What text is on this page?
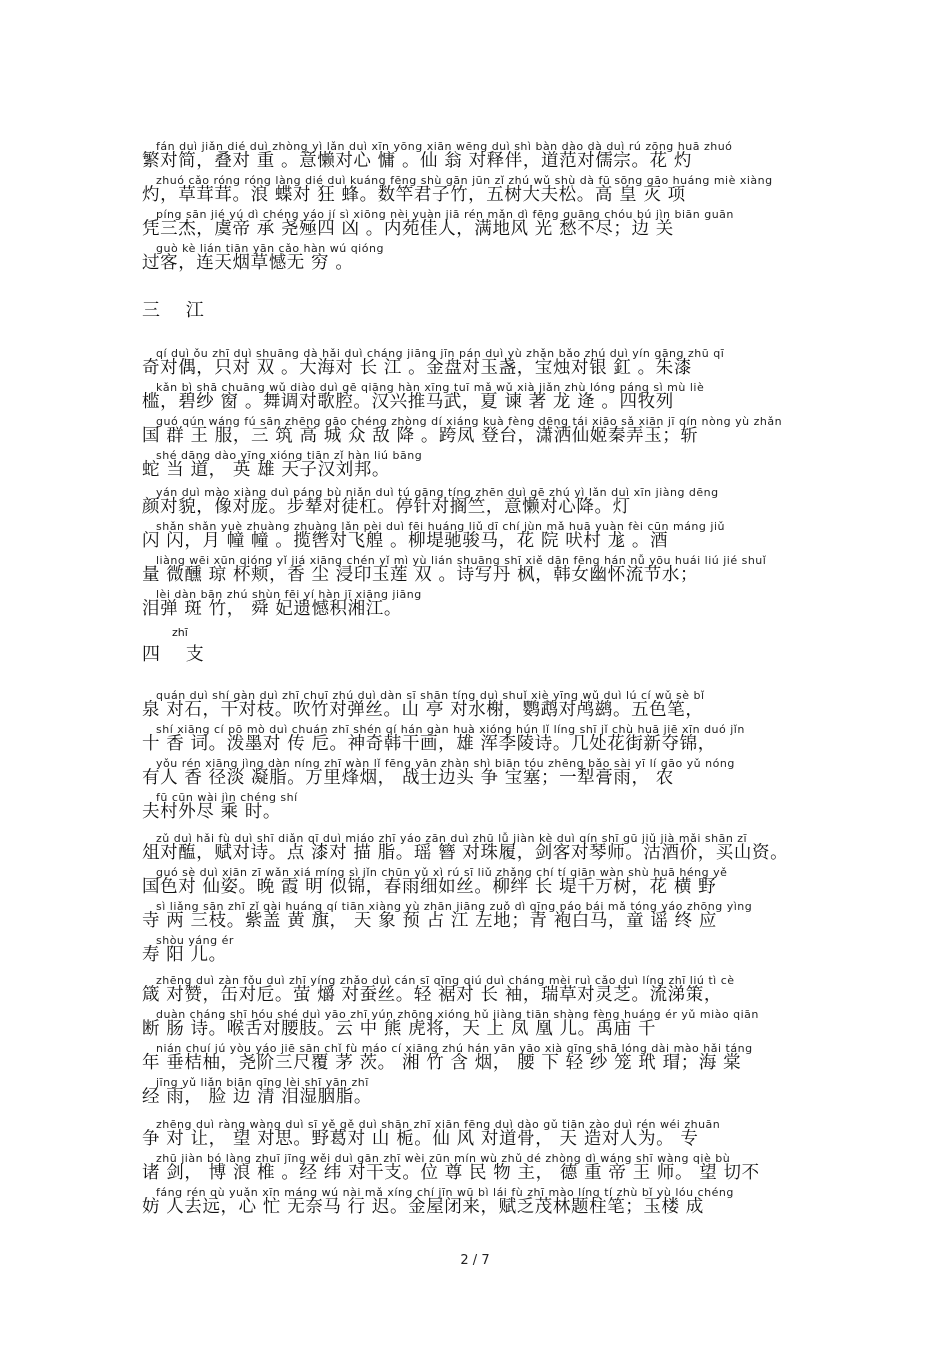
fán duì jiǎn dié duì zhòng yì lǎn duì xīn yōng xiān wēng duì shì bàn dào dà duì rú zōng huā zhuó
繁对简，叠对 重 。意懒对心 慵 。仙 翁 对释伴，道范对儒宗。花 灼
zhuó cǎo róng róng làng dié duì kuáng fēng shù gān jūn zǐ zhú wǔ shù dà fū sōng gāo huáng miè xiàng
灼，草茸茸。浪 蝶对 狂 蜂。数竿君子竹，五树大夫松。高 皇 灭 项
píng sān jié yú dì chéng yáo jí sì xiōng nèi yuàn jiā rén mǎn dì fēng guāng chóu bú jìn biān guān
凭三杰，虞帝 承 尧殛四 凶 。内苑佳人，满地风 光 愁不尽；边 关
guò kè lián tiān yān cǎo hàn wú qióng
过客，连天烟草憾无 穷 。
三 江
qí duì ǒu zhī duì shuāng dà hǎi duì cháng jiāng jīn pán duì yù zhǎn bǎo zhú duì yín gāng zhū qī
奇对偶，只对 双 。大海对 长 江 。金盘对玉盏，宝烛对银 釭 。朱漆
kǎn bì shā chuāng wǔ diào duì gē qiāng hàn xīng tuī mǎ wǔ xià jiǎn zhù lóng páng sì mù liè
槛，碧纱 窗 。舞调对歌腔。汉兴推马武，夏 谏 著 龙 逄 。四牧列
guó qún wáng fú sān zhēng gāo chéng zhòng dí xiáng kuà fèng dēng tái xiāo sǎ xiān jī qín nòng yù zhǎn
国 群 王 服，三 筑 高 城 众 敌 降 。跨凤 登台，潇洒仙姬秦弄玉；斩
shé dāng dào yīng xióng tiān zǐ hàn liú bāng
蛇 当 道， 英 雄 天子汉刘邦。
yán duì mào xiàng duì páng bù niǎn duì tú gāng tíng zhēn duì gē zhú yì lǎn duì xīn jiàng dēng
颜对貌，像对庞。步辇对徒杠。停针对搁竺，意懒对心降。灯
shǎn shǎn yuè zhuàng zhuàng lǎn pèi duì fēi huáng liǔ dī chí jùn mǎ huā yuàn fèi cūn máng jiǔ
闪 闪，月 幢 幢 。揽辔对飞艎 。柳堤驰骏马，花 院 吠村 尨 。酒
liàng wēi xūn qióng yǐ jiá xiāng chén yǐ mì yù lián shuāng shī xiě dān fēng hán nǚ yōu huái liú jié shuǐ
量 微醺 琼 杯颊，香 尘 浸印玉莲 双 。诗写丹 枫，韩女幽怀流节水；
lèi dàn bān zhú shùn fēi yí hàn jī xiāng jiāng
泪弹 斑 竹， 舜 妃遗憾积湘江。
四 支
zhī
quán duì shí gàn duì zhī chuī zhú duì dàn sī shān tíng duì shuǐ xiè yīng wǔ duì lú cí wǔ sè bǐ
泉 对石，干对枝。吹竹对弹丝。山 亭 对水榭，鹦鹉对鸬鹚。五色笔，
shí xiāng cí pō mò duì chuán zhī shén qí hán gàn huà xióng hún lǐ líng shī jǐ chù huā jiē xīn duó jǐn
十 香 词。泼墨对 传 卮。神奇韩干画，雄 浑李陵诗。几处花街新夺锦，
yǒu rén xiāng jìng dàn níng zhī wàn lǐ fēng yān zhàn shì biān tóu zhēng bǎo sài yī lí gāo yǔ nóng
有人 香 径淡 凝脂。万里烽烟， 战士边头 争 宝塞；一犁膏雨， 农
fū cūn wài jìn chéng shí
夫村外尽 乘 时。
zǔ duì hǎi fù duì shī diǎn qī duì miáo zhī yáo zān duì zhū lǚ jiàn kè duì qín shī gū jiǔ jià mǎi shān zī
俎对醢，赋对诗。点 漆对 描 脂。瑶 簪 对珠履，剑客对琴师。沽酒价，买山资。
guó sè duì xiān zī wǎn xiá míng sì jǐn chūn yǔ xì rú sī liǔ zhǎng chí tí qiān wàn shù huā héng yě
国色对 仙姿。晚 霞 明 似锦，春雨细如丝。柳绊 长 堤千万树，花 横 野
sì liǎng sān zhī zǐ gài huáng qí tiān xiàng yù zhān jiāng zuǒ dì qīng páo bái mǎ tóng yáo zhōng yìng
寺 两 三枝。紫盖 黄 旗， 天 象 预 占 江 左地；青 袍白马，童 谣 终 应
shòu yáng ér
寿 阳 儿。
zhēng duì zàn fǒu duì zhī yíng zhǎo duì cán sī qīng qiú duì cháng mèi ruì cǎo duì líng zhī liú tì cè
箴 对赞，缶对卮。萤 爝 对蚕丝。轻 裾对 长 袖，瑞草对灵芝。流涕策，
duàn cháng shī hóu shé duì yāo zhī yún zhōng xióng hǔ jiàng tiān shàng fèng huáng ér yǔ miào qiān
断 肠 诗。喉舌对腰肢。云 中 熊 虎将，天 上 凤 凰 儿。禹庙 千
nián chuí jú yòu yáo jiē sān chǐ fù máo cí xiāng zhú hán yān yāo xià qīng shā lóng dài mào hǎi táng
年 垂桔柚，尧阶三尺覆 茅 茨。 湘 竹 含 烟， 腰 下 轻 纱 笼 玳 瑁；海 棠
jīng yǔ liǎn biān qīng lèi shī yān zhī
经 雨， 脸 边 清 泪湿胭脂。
zhēng duì ràng wàng duì sī yě gě duì shān zhī xiān fēng duì dào gǔ tiān zào duì rén wéi zhuān
争 对 让， 望 对思。野葛对 山 栀。仙 风 对道骨， 天 造对人为。 专
zhū jiàn bó làng zhuī jīng wěi duì gān zhī wèi zūn mín wù zhǔ dé zhòng dì wáng shī wàng qiè bù
诸 剑， 博 浪 椎 。经 纬 对干支。位 尊 民 物 主， 德 重 帝 王 师。 望 切不
fáng rén qù yuǎn xīn máng wú nài mǎ xíng chí jīn wū bì lái fù zhī mào líng tí zhù bǐ yù lóu chéng
妨 人去远，心 忙 无奈马 行 迟。金屋闭来，赋乏茂林题柱笔；玉楼 成
2 / 7
